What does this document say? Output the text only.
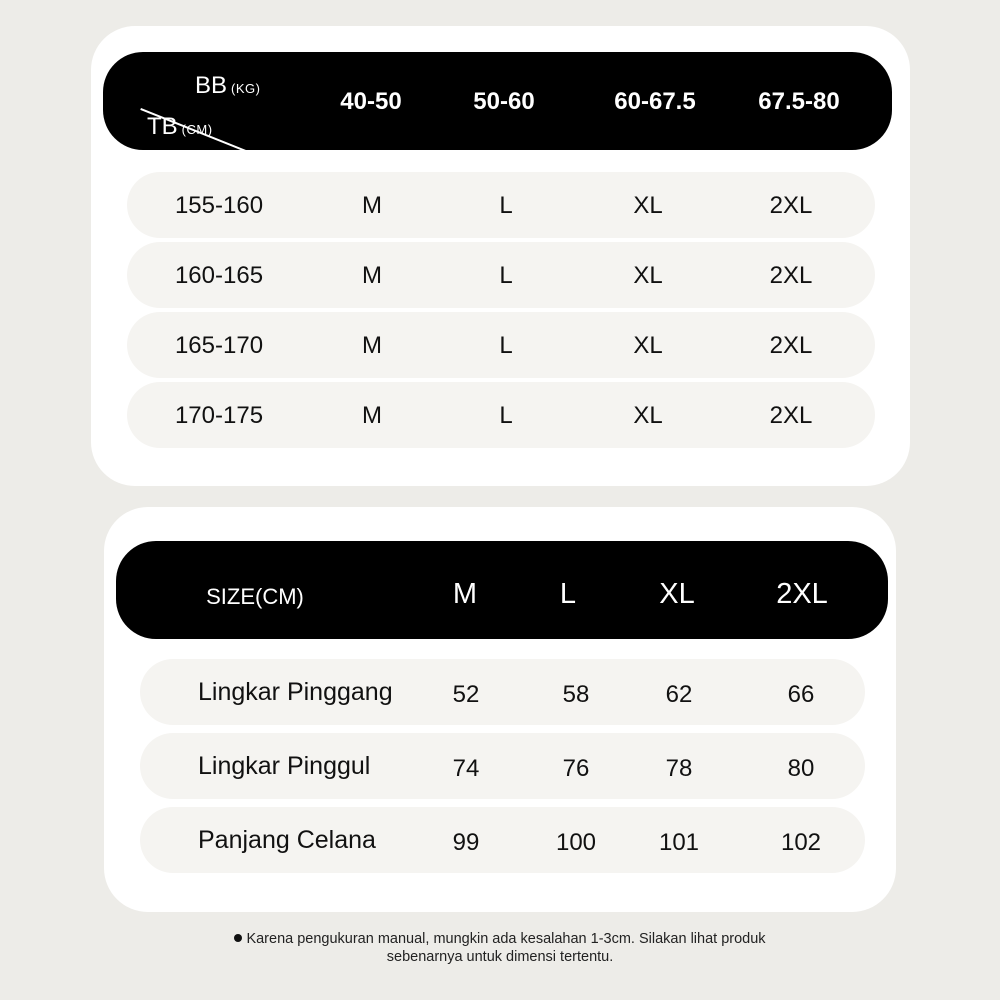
BB (KG)
TB (CM)
40-50	50-60	60-67.5	67.5-80
155-160	M	L	XL	2XL
160-165	M	L	XL	2XL
165-170	M	L	XL	2XL
170-175	M	L	XL	2XL
SIZE(CM)	M	L	XL	2XL
Lingkar Pinggang	52	58	62	66
Lingkar Pinggul	74	76	78	80
Panjang Celana	99	100	101	102
Karena pengukuran manual, mungkin ada kesalahan 1-3cm. Silakan lihat produk
sebenarnya untuk dimensi tertentu.
